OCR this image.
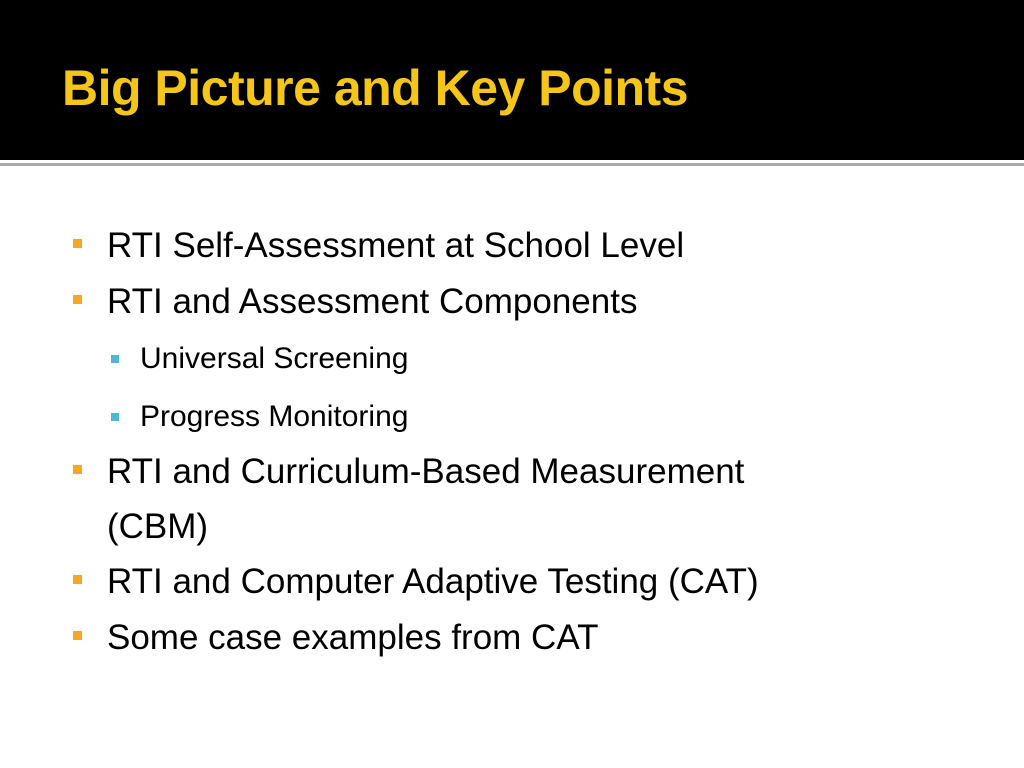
Big Picture and Key Points
RTI Self-Assessment at School Level
RTI and Assessment Components
Universal Screening
Progress Monitoring
RTI and Curriculum-Based Measurement
(CBM)
RTI and Computer Adaptive Testing (CAT)
Some case examples from CAT
